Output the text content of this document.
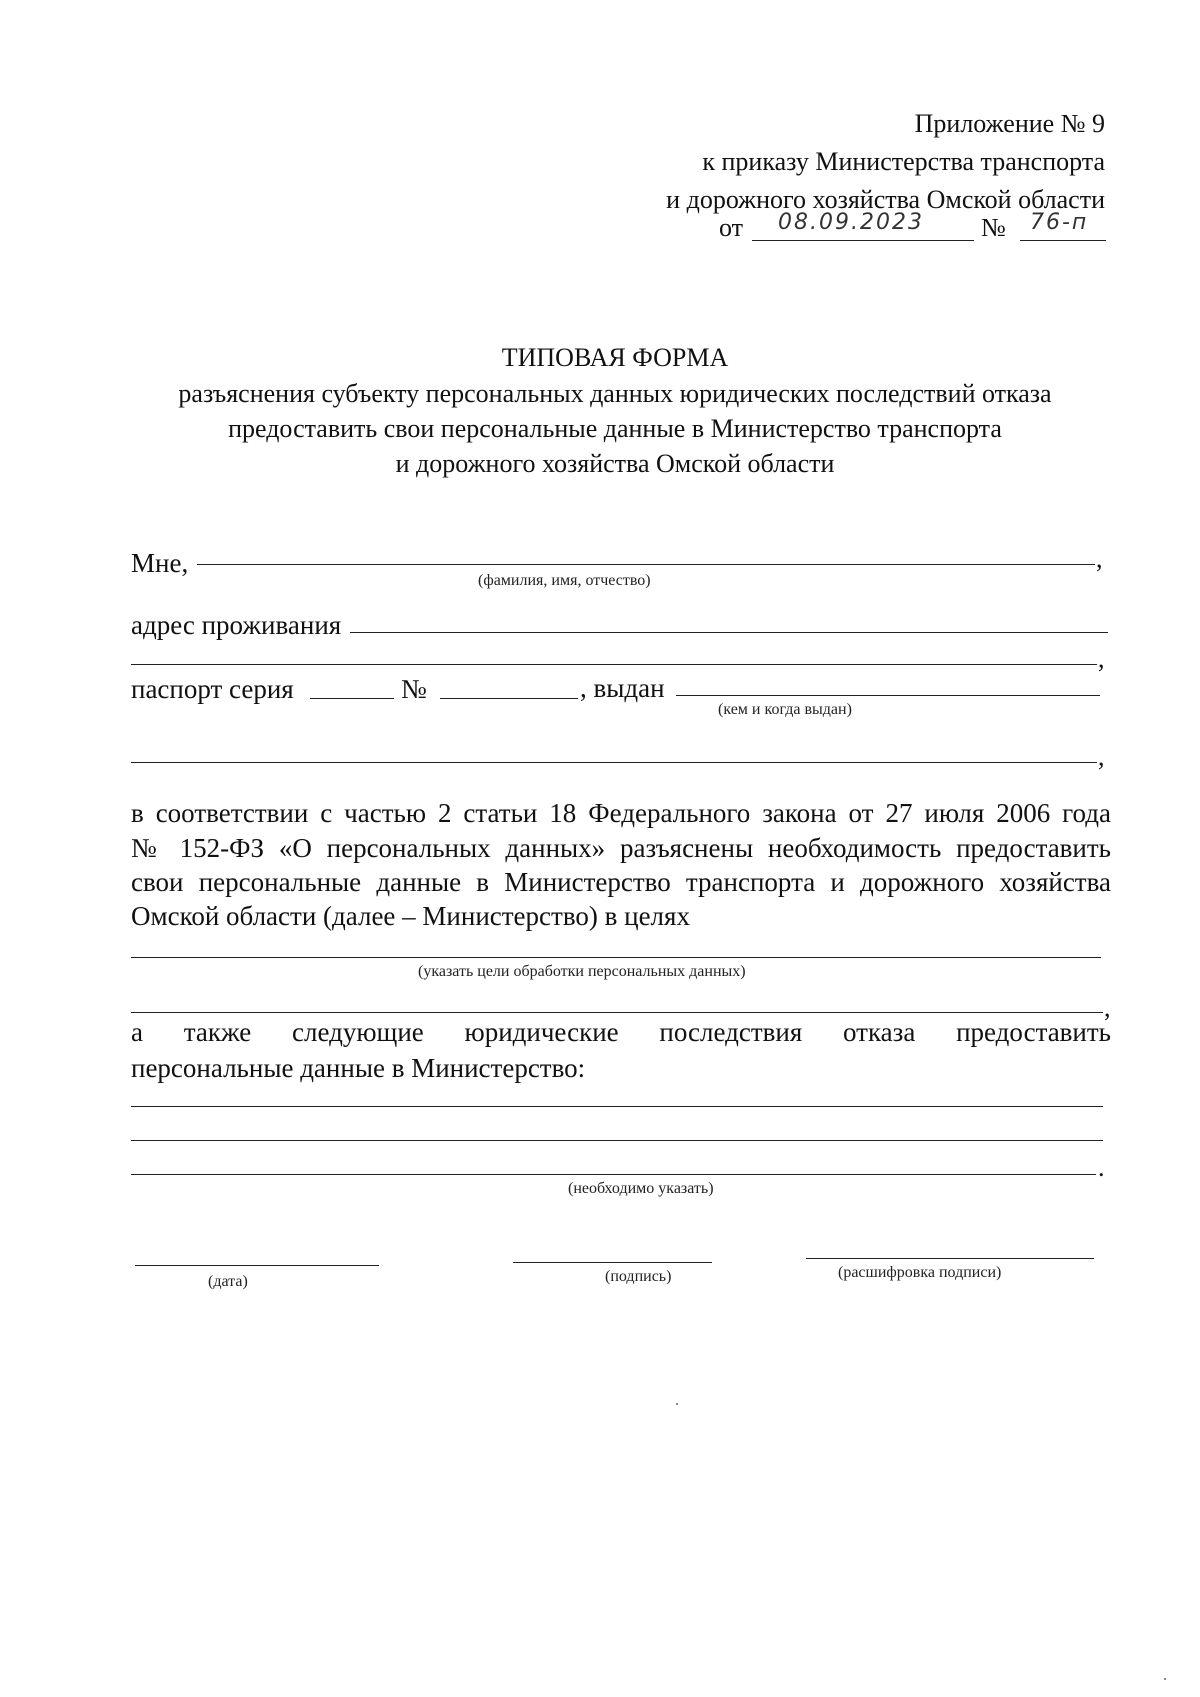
Приложение № 9
к приказу Министерства транспорта
и дорожного хозяйства Омской области
от 08.09.2023 № 76-п
ТИПОВАЯ ФОРМА
разъяснения субъекту персональных данных юридических последствий отказа
предоставить свои персональные данные в Министерство транспорта
и дорожного хозяйства Омской области
Мне,	,
(фамилия, имя, отчество)
адрес проживания
,
паспорт серия	№	, выдан
(кем и когда выдан)
,
в соответствии с частью 2 статьи 18 Федерального закона от 27 июля 2006 года
№ 152-ФЗ «О персональных данных» разъяснены необходимость предоставить
свои персональные данные в Министерство транспорта и дорожного хозяйства
Омской области (далее – Министерство) в целях
(указать цели обработки персональных данных)
,
а также следующие юридические последствия отказа предоставить
персональные данные в Министерство:
.
(необходимо указать)
(дата)	(подпись)	(расшифровка подписи)
